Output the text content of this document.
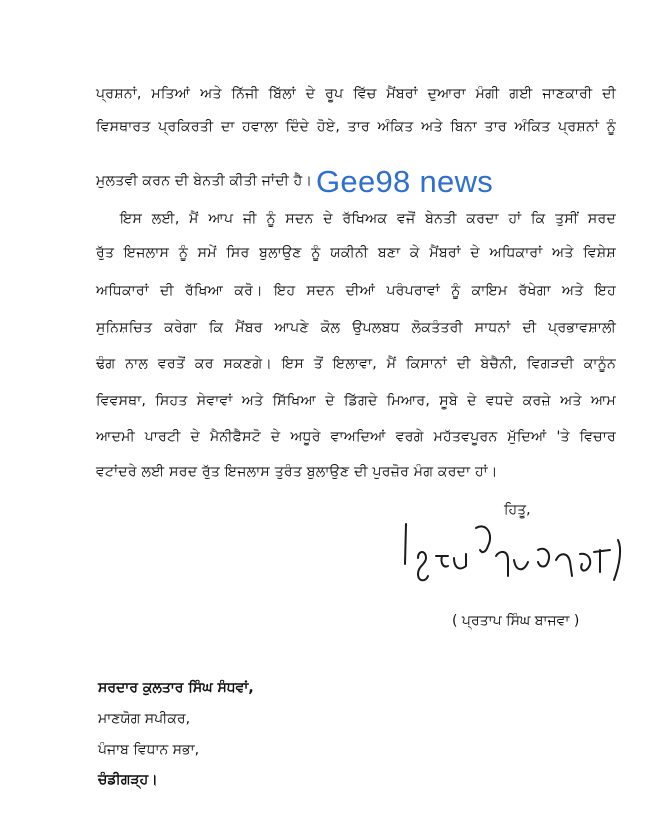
ਪ੍ਰਸ਼ਨਾਂ, ਮਤਿਆਂ ਅਤੇ ਨਿੱਜੀ ਬਿੱਲਾਂ ਦੇ ਰੂਪ ਵਿੱਚ ਮੈਂਬਰਾਂ ਦੁਆਰਾ ਮੰਗੀ ਗਈ ਜਾਣਕਾਰੀ ਦੀ
ਵਿਸਥਾਰਤ ਪ੍ਰਕਿਰਤੀ ਦਾ ਹਵਾਲਾ ਦਿੰਦੇ ਹੋਏ, ਤਾਰ ਅੰਕਿਤ ਅਤੇ ਬਿਨਾ ਤਾਰ ਅੰਕਿਤ ਪ੍ਰਸ਼ਨਾਂ ਨੂੰ
ਮੁਲਤਵੀ ਕਰਨ ਦੀ ਬੇਨਤੀ ਕੀਤੀ ਜਾਂਦੀ ਹੈ। Gee98 news
ਇਸ ਲਈ, ਮੈਂ ਆਪ ਜੀ ਨੂੰ ਸਦਨ ਦੇ ਰੱਖਿਅਕ ਵਜੋਂ ਬੇਨਤੀ ਕਰਦਾ ਹਾਂ ਕਿ ਤੁਸੀਂ ਸਰਦ
ਰੁੱਤ ਇਜਲਾਸ ਨੂੰ ਸਮੇਂ ਸਿਰ ਬੁਲਾਉਣ ਨੂੰ ਯਕੀਨੀ ਬਣਾ ਕੇ ਮੈਂਬਰਾਂ ਦੇ ਅਧਿਕਾਰਾਂ ਅਤੇ ਵਿਸ਼ੇਸ਼
ਅਧਿਕਾਰਾਂ ਦੀ ਰੱਖਿਆ ਕਰੋ। ਇਹ ਸਦਨ ਦੀਆਂ ਪਰੰਪਰਾਵਾਂ ਨੂੰ ਕਾਇਮ ਰੱਖੇਗਾ ਅਤੇ ਇਹ
ਸੁਨਿਸ਼ਚਿਤ ਕਰੇਗਾ ਕਿ ਮੈਂਬਰ ਆਪਣੇ ਕੋਲ ਉਪਲਬਧ ਲੋਕਤੰਤਰੀ ਸਾਧਨਾਂ ਦੀ ਪ੍ਰਭਾਵਸ਼ਾਲੀ
ਢੰਗ ਨਾਲ ਵਰਤੋਂ ਕਰ ਸਕਣਗੇ। ਇਸ ਤੋਂ ਇਲਾਵਾ, ਮੈਂ ਕਿਸਾਨਾਂ ਦੀ ਬੇਚੈਨੀ, ਵਿਗੜਦੀ ਕਾਨੂੰਨ
ਵਿਵਸਥਾ, ਸਿਹਤ ਸੇਵਾਵਾਂ ਅਤੇ ਸਿੱਖਿਆ ਦੇ ਡਿੱਗਦੇ ਮਿਆਰ, ਸੂਬੇ ਦੇ ਵਧਦੇ ਕਰਜ਼ੇ ਅਤੇ ਆਮ
ਆਦਮੀ ਪਾਰਟੀ ਦੇ ਮੈਨੀਫੈਸਟੋ ਦੇ ਅਧੂਰੇ ਵਾਅਦਿਆਂ ਵਰਗੇ ਮਹੱਤਵਪੂਰਨ ਮੁੱਦਿਆਂ 'ਤੇ ਵਿਚਾਰ
ਵਟਾਂਦਰੇ ਲਈ ਸਰਦ ਰੁੱਤ ਇਜਲਾਸ ਤੁਰੰਤ ਬੁਲਾਉਣ ਦੀ ਪੁਰਜ਼ੋਰ ਮੰਗ ਕਰਦਾ ਹਾਂ।
ਹਿਤੂ,
( ਪ੍ਰਤਾਪ ਸਿੰਘ ਬਾਜਵਾ )
ਸਰਦਾਰ ਕੁਲਤਾਰ ਸਿੰਘ ਸੰਧਵਾਂ,
ਮਾਣਯੋਗ ਸਪੀਕਰ,
ਪੰਜਾਬ ਵਿਧਾਨ ਸਭਾ,
ਚੰਡੀਗੜ੍ਹ।
